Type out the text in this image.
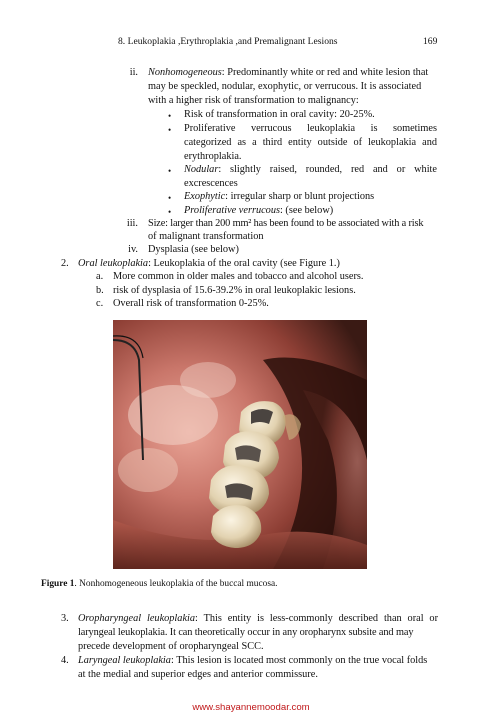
8. Leukoplakia ,Erythroplakia ,and Premalignant Lesions	169
ii. Nonhomogeneous: Predominantly white or red and white lesion that
may be speckled, nodular, exophytic, or verrucous. It is associated
with a higher risk of transformation to malignancy:
• Risk of transformation in oral cavity: 20-25%.
• Proliferative verrucous leukoplakia is sometimes
categorized as a third entity outside of leukoplakia and
erythroplakia.
• Nodular: slightly raised, rounded, red and or white
excrescences
• Exophytic: irregular sharp or blunt projections
• Proliferative verrucous: (see below)
iii. Size: larger than 200 mm² has been found to be associated with a risk
of malignant transformation
iv. Dysplasia (see below)
2. Oral leukoplakia: Leukoplakia of the oral cavity (see Figure 1.)
a. More common in older males and tobacco and alcohol users.
b. risk of dysplasia of 15.6-39.2% in oral leukoplakic lesions.
c. Overall risk of transformation 0-25%.
Figure 1. Nonhomogeneous leukoplakia of the buccal mucosa.
3. Oropharyngeal leukoplakia: This entity is less-commonly described than oral or
laryngeal leukoplakia. It can theoretically occur in any oropharynx subsite and may
precede development of oropharyngeal SCC.
4. Laryngeal leukoplakia: This lesion is located most commonly on the true vocal folds
at the medial and superior edges and anterior commissure.
www.shayannemoodar.com
